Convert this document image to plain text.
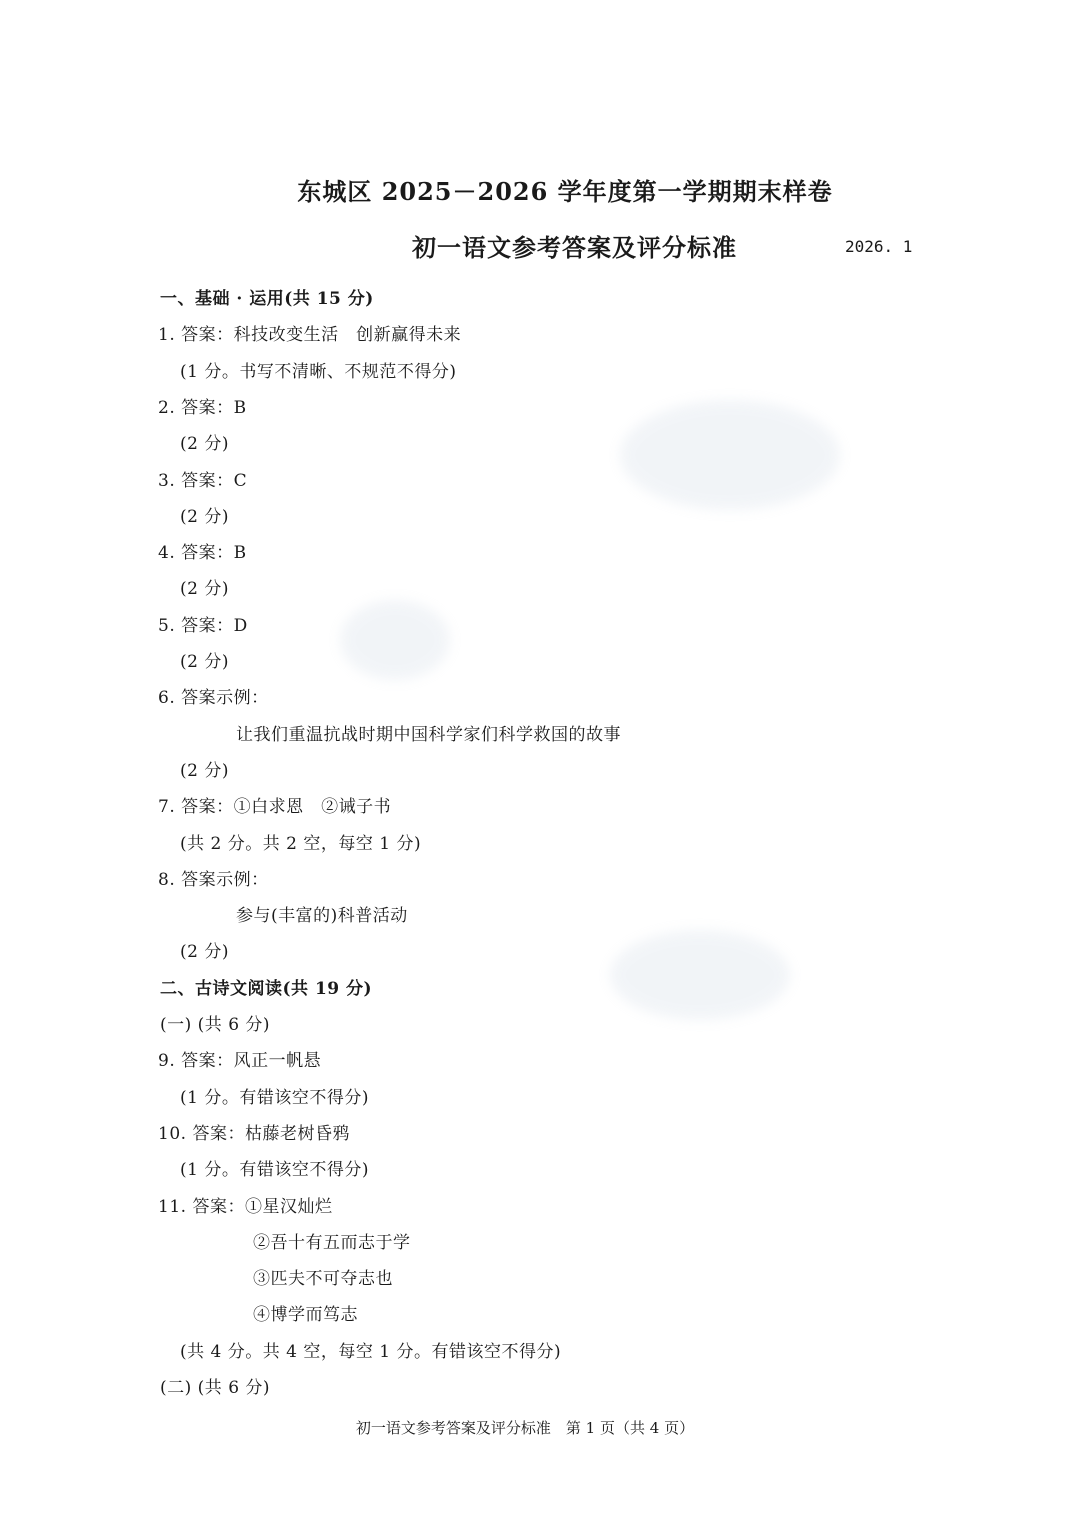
东城区 2025－2026 学年度第一学期期末样卷
初一语文参考答案及评分标准	2026. 1
一、基础 · 运用(共 15 分)
1. 答案：科技改变生活　创新赢得未来
(1 分。书写不清晰、不规范不得分)
2. 答案：B
(2 分)
3. 答案：C
(2 分)
4. 答案：B
(2 分)
5. 答案：D
(2 分)
6. 答案示例：
让我们重温抗战时期中国科学家们科学救国的故事
(2 分)
7. 答案：①白求恩　②诫子书
(共 2 分。共 2 空，每空 1 分)
8. 答案示例：
参与(丰富的)科普活动
(2 分)
二、古诗文阅读(共 19 分)
(一) (共 6 分)
9. 答案：风正一帆悬
(1 分。有错该空不得分)
10. 答案：枯藤老树昏鸦
(1 分。有错该空不得分)
11. 答案：①星汉灿烂
②吾十有五而志于学
③匹夫不可夺志也
④博学而笃志
(共 4 分。共 4 空，每空 1 分。有错该空不得分)
(二) (共 6 分)
初一语文参考答案及评分标准　第 1 页（共 4 页）
